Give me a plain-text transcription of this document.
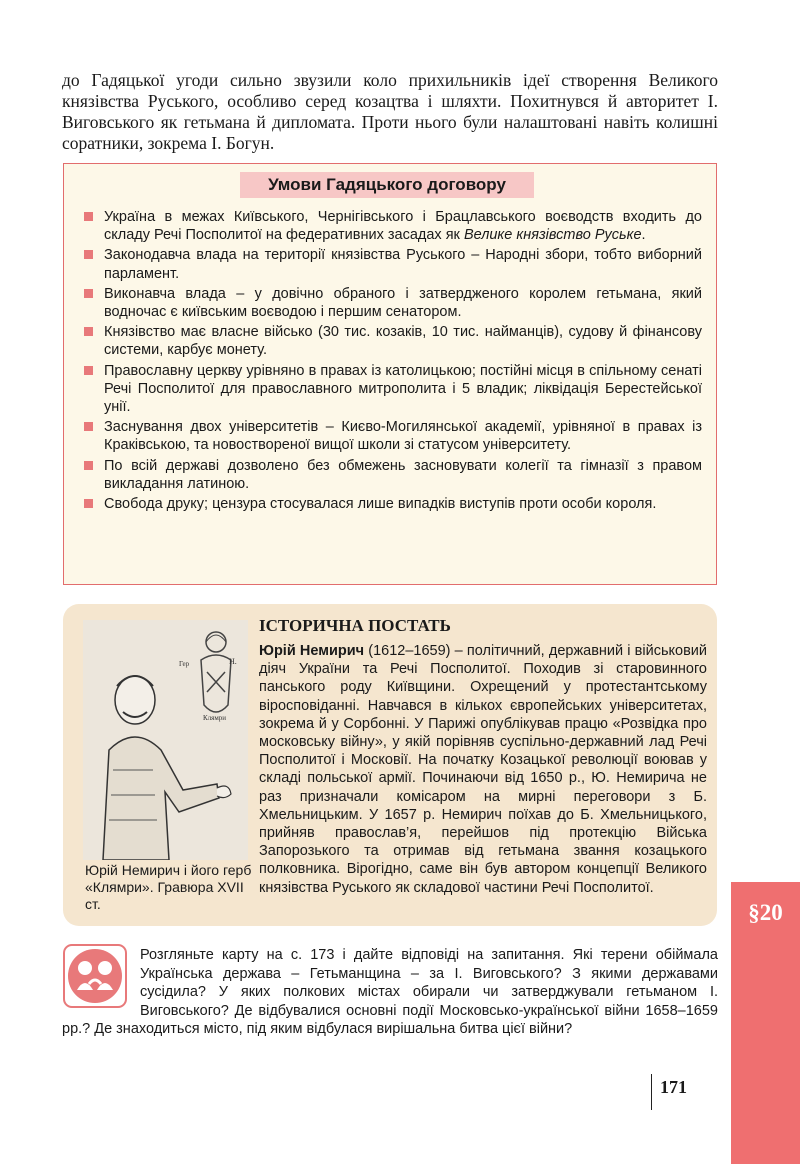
до Гадяцької угоди сильно звузили коло прихильників ідеї створення Великого князівства Руського, особливо серед козацтва і шляхти. Похитнувся й авторитет І. Виговського як гетьмана й дипломата. Проти нього були налаштовані навіть колишні соратники, зокрема І. Богун.

Умови Гадяцького договору
Україна в межах Київського, Чернігівського і Брацлавського воєводств входить до складу Речі Посполитої на федеративних засадах як Велике князівство Руське.
Законодавча влада на території князівства Руського – Народні збори, тобто виборний парламент.
Виконавча влада – у довічно обраного і затвердженого королем гетьмана, який водночас є київським воєводою і першим сенатором.
Князівство має власне військо (30 тис. козаків, 10 тис. найманців), судову й фінансову системи, карбує монету.
Православну церкву урівняно в правах із католицькою; постійні місця в спільному сенаті Речі Посполитої для православного митрополита і 5 владик; ліквідація Берестейської унії.
Заснування двох університетів – Києво-Могилянської академії, урівняної в правах із Краківською, та новоствореної вищої школи зі статусом університету.
По всій державі дозволено без обмежень засновувати колегії та гімназії з правом викладання латиною.
Свобода друку; цензура стосувалася лише випадків виступів проти особи короля.
Гер	Н.
Клямри

Юрій Немирич і його герб «Клямри». Гравюра XVII ст.

ІСТОРИЧНА ПОСТАТЬ

Юрій Немирич (1612–1659) – політичний, державний і військовий діяч України та Речі Посполитої. Походив зі старовинного панського роду Київщини. Охрещений у протестантському віросповіданні. Навчався в кількох європейських університетах, зокрема й у Сорбонні. У Парижі опублікував працю «Розвідка про московську війну», у якій порівняв суспільно-державний лад Речі Посполитої і Московії. На початку Козацької революції воював у складі польської армії. Починаючи від 1650 р., Ю. Немирича не раз призначали комісаром на мирні переговори з Б. Хмельницьким. У 1657 р. Немирич поїхав до Б. Хмельницького, прийняв православ’я, перейшов під протекцію Війська Запорозького та отримав від гетьмана звання козацького полковника. Вірогідно, саме він був автором концепції Великого князівства Руського як складової частини Речі Посполитої.

Розгляньте карту на с. 173 і дайте відповіді на запитання. Які терени обіймала Українська держава – Гетьманщина – за І. Виговського? З якими державами сусідила? У яких полкових містах обирали чи затверджували гетьманом І. Виговського? Де відбувалися основні події Московсько-української війни 1658–1659 рр.? Де знаходиться місто, під яким відбулася вирішальна битва цієї війни?

171
§20
